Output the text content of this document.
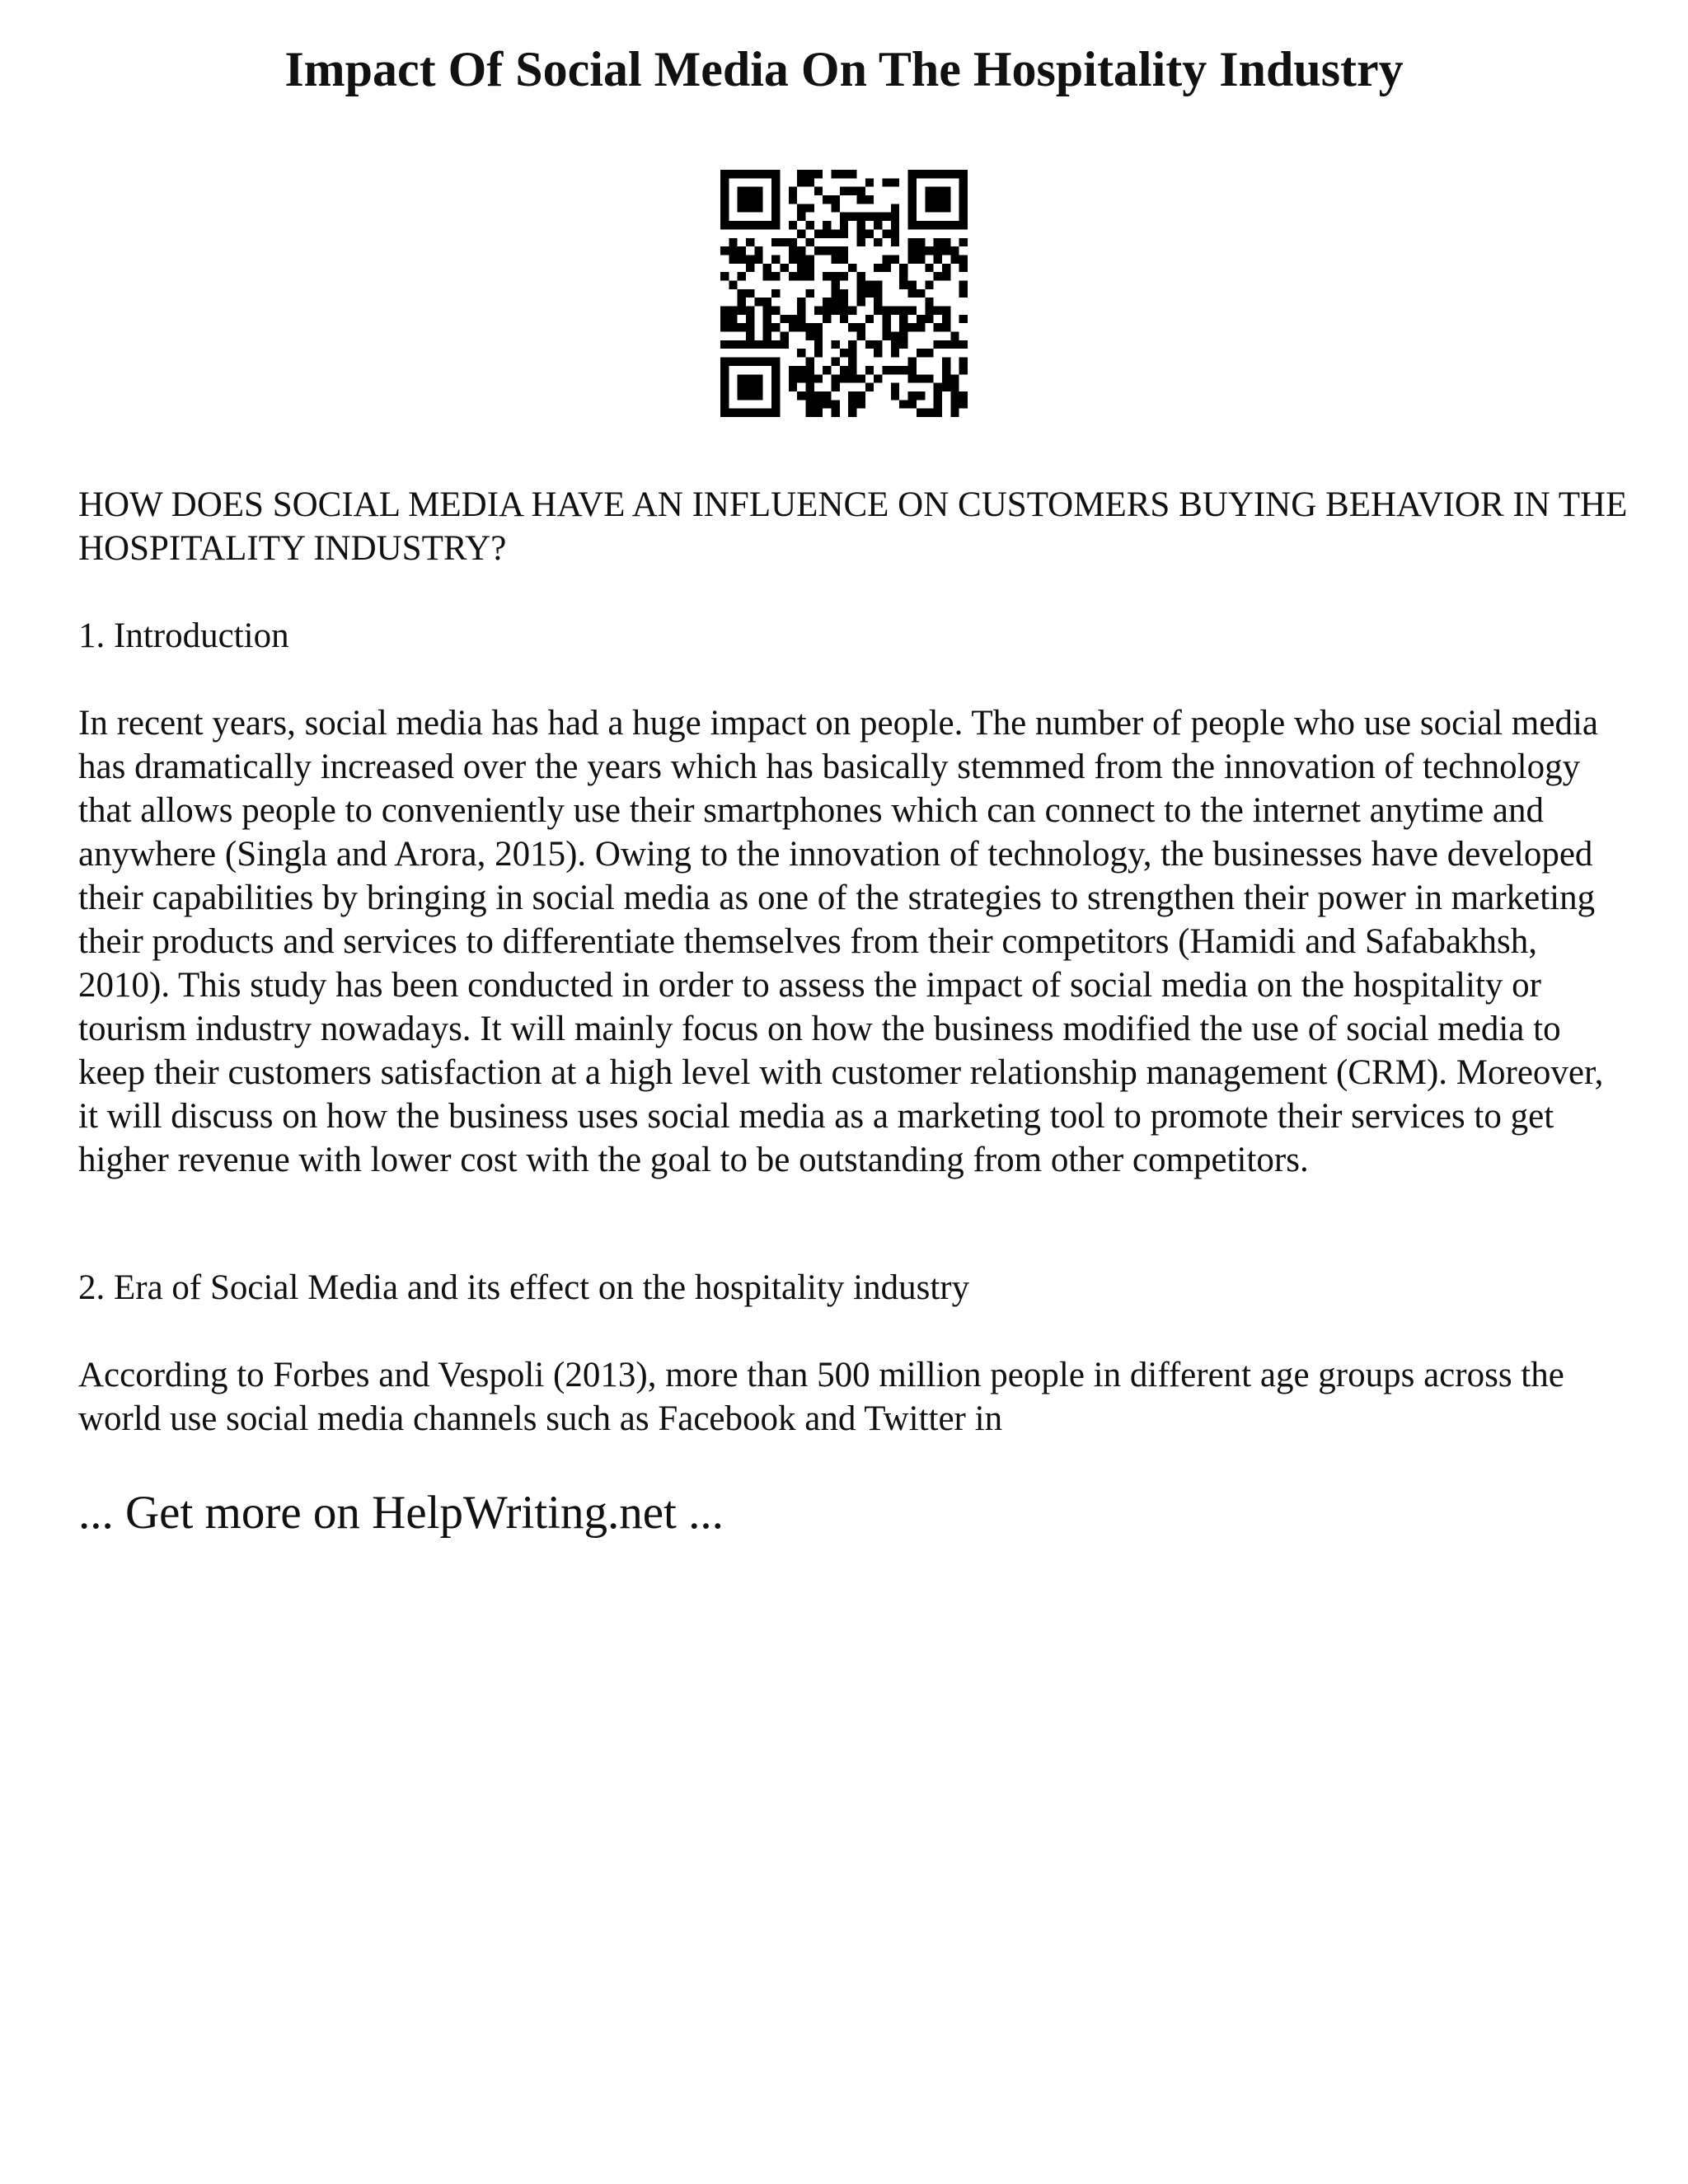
Impact Of Social Media On The Hospitality Industry

HOW DOES SOCIAL MEDIA HAVE AN INFLUENCE ON CUSTOMERS BUYING BEHAVIOR IN THE HOSPITALITY INDUSTRY?

1. Introduction

In recent years, social media has had a huge impact on people. The number of people who use social media has dramatically increased over the years which has basically stemmed from the innovation of technology that allows people to conveniently use their smartphones which can connect to the internet anytime and anywhere (Singla and Arora, 2015). Owing to the innovation of technology, the businesses have developed their capabilities by bringing in social media as one of the strategies to strengthen their power in marketing their products and services to differentiate themselves from their competitors (Hamidi and Safabakhsh, 2010). This study has been conducted in order to assess the impact of social media on the hospitality or tourism industry nowadays. It will mainly focus on how the business modified the use of social media to keep their customers satisfaction at a high level with customer relationship management (CRM). Moreover, it will discuss on how the business uses social media as a marketing tool to promote their services to get higher revenue with lower cost with the goal to be outstanding from other competitors.

2. Era of Social Media and its effect on the hospitality industry

According to Forbes and Vespoli (2013), more than 500 million people in different age groups across the world use social media channels such as Facebook and Twitter in

... Get more on HelpWriting.net ...
